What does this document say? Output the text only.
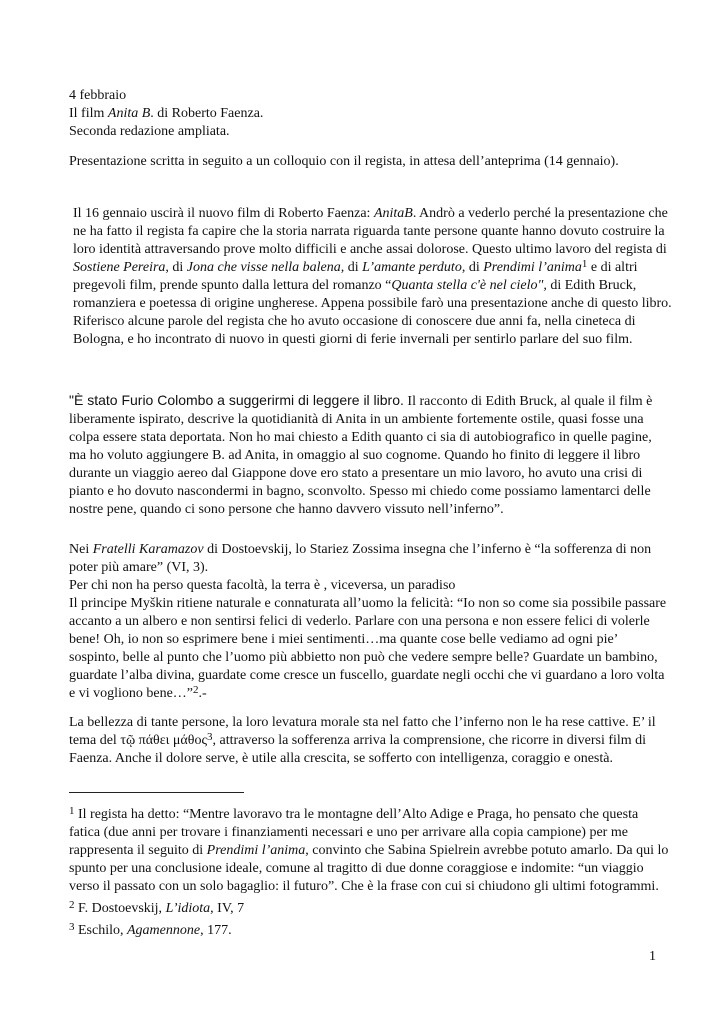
4 febbraio

Il film Anita B. di Roberto Faenza.

Seconda redazione ampliata.

Presentazione scritta in seguito a un colloquio con il regista, in attesa dell’anteprima (14 gennaio).

Il 16 gennaio uscirà il nuovo film di Roberto Faenza: AnitaB. Andrò a vederlo perché la presentazione che ne ha fatto il regista fa capire che la storia narrata riguarda tante persone quante hanno dovuto costruire la loro identità attraversando prove molto difficili e anche assai dolorose. Questo ultimo lavoro del regista di Sostiene Pereira, di Jona che visse nella balena, di L’amante perduto, di Prendimi l’anima$^1$ e di altri pregevoli film, prende spunto dalla lettura del romanzo “Quanta stella c'è nel cielo", di Edith Bruck, romanziera e poetessa di origine ungherese. Appena possibile farò una presentazione anche di questo libro.

Riferisco alcune parole del regista che ho avuto occasione di conoscere due anni fa, nella cineteca di Bologna, e ho incontrato di nuovo in questi giorni di ferie invernali per sentirlo parlare del suo film.

"È stato Furio Colombo a suggerirmi di leggere il libro. Il racconto di Edith Bruck, al quale il film è liberamente ispirato, descrive la quotidianità di Anita in un ambiente fortemente ostile, quasi fosse una colpa essere stata deportata. Non ho mai chiesto a Edith quanto ci sia di autobiografico in quelle pagine, ma ho voluto aggiungere B. ad Anita, in omaggio al suo cognome. Quando ho finito di leggere il libro durante un viaggio aereo dal Giappone dove ero stato a presentare un mio lavoro, ho avuto una crisi di pianto e ho dovuto nascondermi in bagno, sconvolto. Spesso mi chiedo come possiamo lamentarci delle nostre pene, quando ci sono persone che hanno davvero vissuto nell’inferno”.

Nei Fratelli Karamazov di Dostoevskij, lo Stariez Zossima insegna che l’inferno è “la sofferenza di non poter più amare” (VI, 3).

Per chi non ha perso questa facoltà, la terra è , viceversa, un paradiso

Il principe Myškin ritiene naturale e connaturata all’uomo la felicità: “Io non so come sia possibile passare accanto a un albero e non sentirsi felici di vederlo. Parlare con una persona e non essere felici di volerle bene! Oh, io non so esprimere bene i miei sentimenti…ma quante cose belle vediamo ad ogni pie’ sospinto, belle al punto che l’uomo più abbietto non può che vedere sempre belle? Guardate un bambino, guardate l’alba divina, guardate come cresce un fuscello, guardate negli occhi che vi guardano a loro volta e vi vogliono bene…”$^2$.-

La bellezza di tante persone, la loro levatura morale sta nel fatto che l’inferno non le ha rese cattive. E’ il tema del τῷ πάθει μάθος$^3$, attraverso la sofferenza arriva la comprensione, che ricorre in diversi film di Faenza. Anche il dolore serve, è utile alla crescita, se sofferto con intelligenza, coraggio e onestà.

$^1$ Il regista ha detto: “Mentre lavoravo tra le montagne dell’Alto Adige e Praga, ho pensato che questa fatica (due anni per trovare i finanziamenti necessari e uno per arrivare alla copia campione) per me rappresenta il seguito di Prendimi l’anima, convinto che Sabina Spielrein avrebbe potuto amarlo. Da qui lo spunto per una conclusione ideale, comune al tragitto di due donne coraggiose e indomite: “un viaggio verso il passato con un solo bagaglio: il futuro”. Che è la frase con cui si chiudono gli ultimi fotogrammi.

$^2$ F. Dostoevskij, L’idiota, IV, 7

$^3$ Eschilo, Agamennone, 177.

1
